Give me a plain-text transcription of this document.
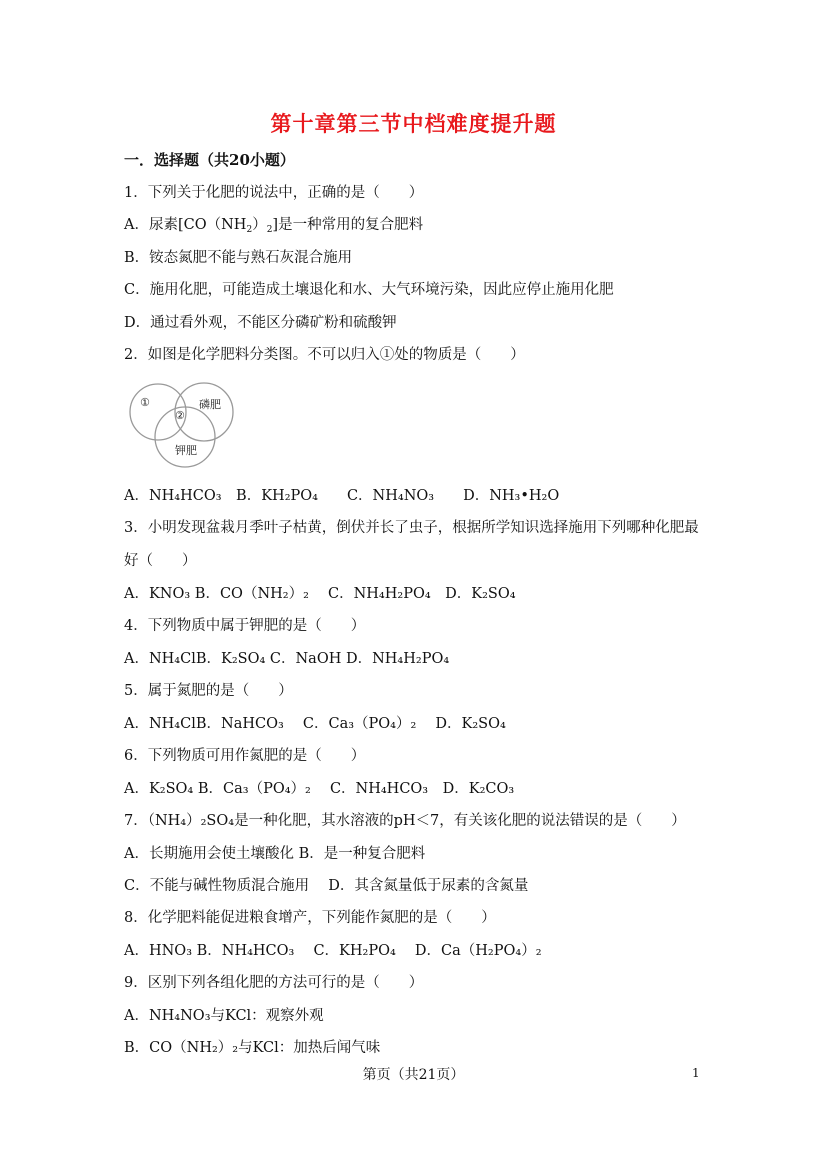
第十章第三节中档难度提升题
一．选择题（共20小题）
1．下列关于化肥的说法中，正确的是（　　）
A．尿素$[CO(NH_2)_2]$是一种常用的复合肥料
B．铵态氮肥不能与熟石灰混合施用
C．施用化肥，可能造成土壤退化和水、大气环境污染，因此应停止施用化肥
D．通过看外观，不能区分磷矿粉和硫酸钾
2．如图是化学肥料分类图。不可以归入①处的物质是（　　）
①
②
磷肥
钾肥
A．NH₄HCO₃　B．KH₂PO₄　　C．NH₄NO₃　　D．NH₃•H₂O
3．小明发现盆栽月季叶子枯黄，倒伏并长了虫子，根据所学知识选择施用下列哪种化肥最
好（　　）
A．KNO₃ B．CO（NH₂）₂　 C．NH₄H₂PO₄　D．K₂SO₄
4．下列物质中属于钾肥的是（　　）
A．NH₄ClB．K₂SO₄ C．NaOH D．NH₄H₂PO₄
5．属于氮肥的是（　　）
A．NH₄ClB．NaHCO₃　 C．Ca₃（PO₄）₂　 D．K₂SO₄
6．下列物质可用作氮肥的是（　　）
A．K₂SO₄ B．Ca₃（PO₄）₂　 C．NH₄HCO₃　D．K₂CO₃
7．（NH₄）₂SO₄是一种化肥，其水溶液的pH＜7，有关该化肥的说法错误的是（　　）
A．长期施用会使土壤酸化 B．是一种复合肥料
C．不能与碱性物质混合施用　 D．其含氮量低于尿素的含氮量
8．化学肥料能促进粮食增产，下列能作氮肥的是（　　）
A．HNO₃ B．NH₄HCO₃　 C．KH₂PO₄　 D．Ca（H₂PO₄）₂
9．区别下列各组化肥的方法可行的是（　　）
A．NH₄NO₃与KCl：观察外观
B．CO（NH₂）₂与KCl：加热后闻气味
第页（共21页）	1
